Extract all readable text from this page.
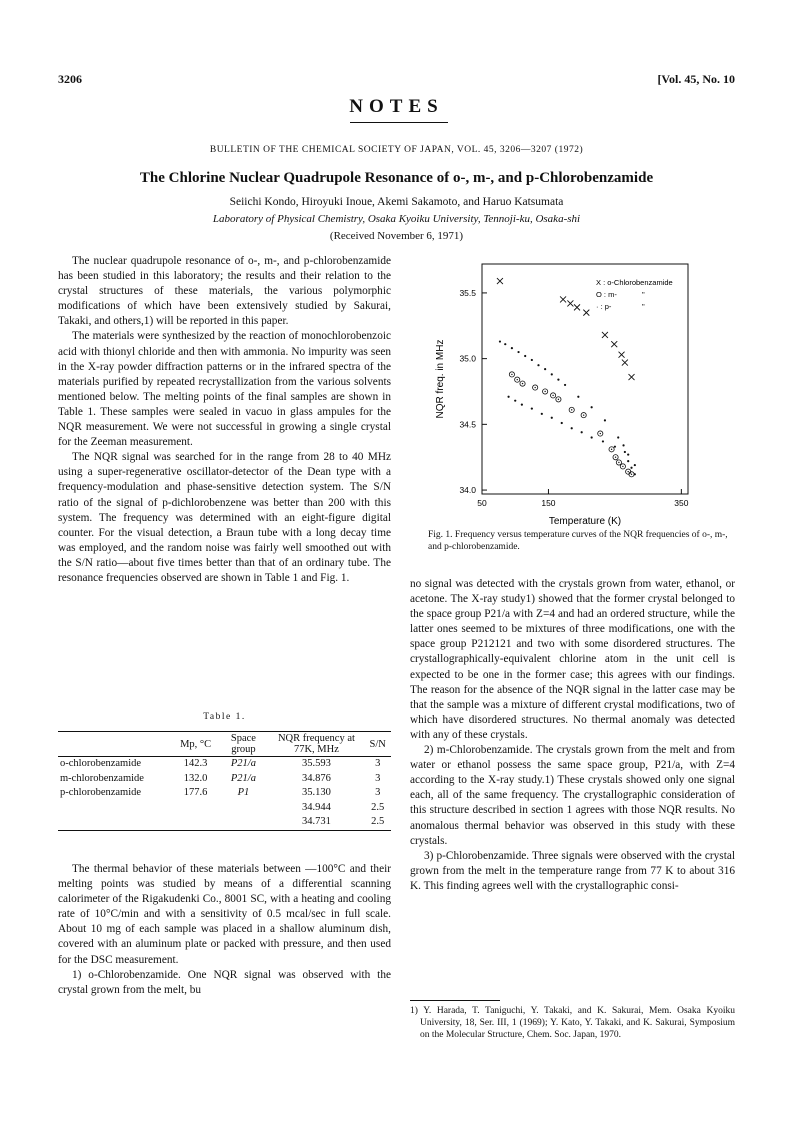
3206	[Vol. 45, No. 10
NOTES
BULLETIN OF THE CHEMICAL SOCIETY OF JAPAN, VOL. 45, 3206—3207 (1972)
The Chlorine Nuclear Quadrupole Resonance of o-, m-, and p-Chlorobenzamide
Seiichi Kondo, Hiroyuki Inoue, Akemi Sakamoto, and Haruo Katsumata
Laboratory of Physical Chemistry, Osaka Kyoiku University, Tennoji-ku, Osaka-shi
(Received November 6, 1971)

The nuclear quadrupole resonance of o-, m-, and p-chlorobenzamide has been studied in this laboratory; the results and their relation to the crystal structures of these materials, the various polymorphic modifications of which have been extensively studied by Sakurai, Takaki, and others,1) will be reported in this paper.

The materials were synthesized by the reaction of monochlorobenzoic acid with thionyl chloride and then with ammonia. No impurity was seen in the X-ray powder diffraction patterns or in the infrared spectra of the materials purified by repeated recrystallization from the various solvents mentioned below. The melting points of the final samples are shown in Table 1. These samples were sealed in vacuo in glass ampules for the NQR measurement. We were not successful in growing a single crystal for the Zeeman measurement.

The NQR signal was searched for in the range from 28 to 40 MHz using a super-regenerative oscillator-detector of the Dean type with a frequency-modulation and phase-sensitive detection system. The S/N ratio of the signal of p-dichlorobenzene was better than 200 with this system. The frequency was determined with an eight-figure digital counter. For the visual detection, a Braun tube with a long decay time was employed, and the random noise was fairly well smoothed out with the S/N ratio—about five times better than that of an ordinary tube. The resonance frequencies observed are shown in Table 1 and Fig. 1.

Table 1.
	Mp, °C	Space group	NQR frequency at 77K, MHz	S/N
o-chlorobenzamide	142.3	P21/a	35.593	3
m-chlorobenzamide	132.0	P21/a	34.876	3
p-chlorobenzamide	177.6	P1	35.130	3
			34.944	2.5
			34.731	2.5

The thermal behavior of these materials between —100°C and their melting points was studied by means of a differential scanning calorimeter of the Rigakudenki Co., 8001 SC, with a heating and cooling rate of 10°C/min and with a sensitivity of 0.5 mcal/sec in full scale. About 10 mg of each sample was placed in a shallow aluminum dish, covered with an aluminum plate or packed with pressure, and then used for the DSC measurement.

1) o-Chlorobenzamide. One NQR signal was observed with the crystal grown from the melt, bu

34.0
34.5
35.0
35.5
50	150	350
NQR freq. in MHz
Temperature (K)
X : o-Chlorobenzamide
O : m-	"
· : p-	"
Fig. 1. Frequency versus temperature curves of the NQR frequencies of o-, m-, and p-chlorobenzamide.

no signal was detected with the crystals grown from water, ethanol, or acetone. The X-ray study1) showed that the former crystal belonged to the space group P21/a with Z=4 and had an ordered structure, while the latter ones seemed to be mixtures of three modifications, one with the space group P212121 and two with some disordered structures. The crystallographically-equivalent chlorine atom in the unit cell is expected to be one in the former case; this agrees with our findings. The reason for the absence of the NQR signal in the latter case may be that the sample was a mixture of different crystal modifications, two of which have disordered structures. No thermal anomaly was detected with any of these crystals.

2) m-Chlorobenzamide. The crystals grown from the melt and from water or ethanol possess the same space group, P21/a, with Z=4 according to the X-ray study.1) These crystals showed only one signal each, all of the same frequency. The crystallographic consideration of this structure described in section 1 agrees with those NQR results. No anomalous thermal behavior was observed in this study with these crystals.

3) p-Chlorobenzamide. Three signals were observed with the crystal grown from the melt in the temperature range from 77 K to about 316 K. This finding agrees well with the crystallographic consi-

1) Y. Harada, T. Taniguchi, Y. Takaki, and K. Sakurai, Mem. Osaka Kyoiku University, 18, Ser. III, 1 (1969); Y. Kato, Y. Takaki, and K. Sakurai, Symposium on the Molecular Structure, Chem. Soc. Japan, 1970.
